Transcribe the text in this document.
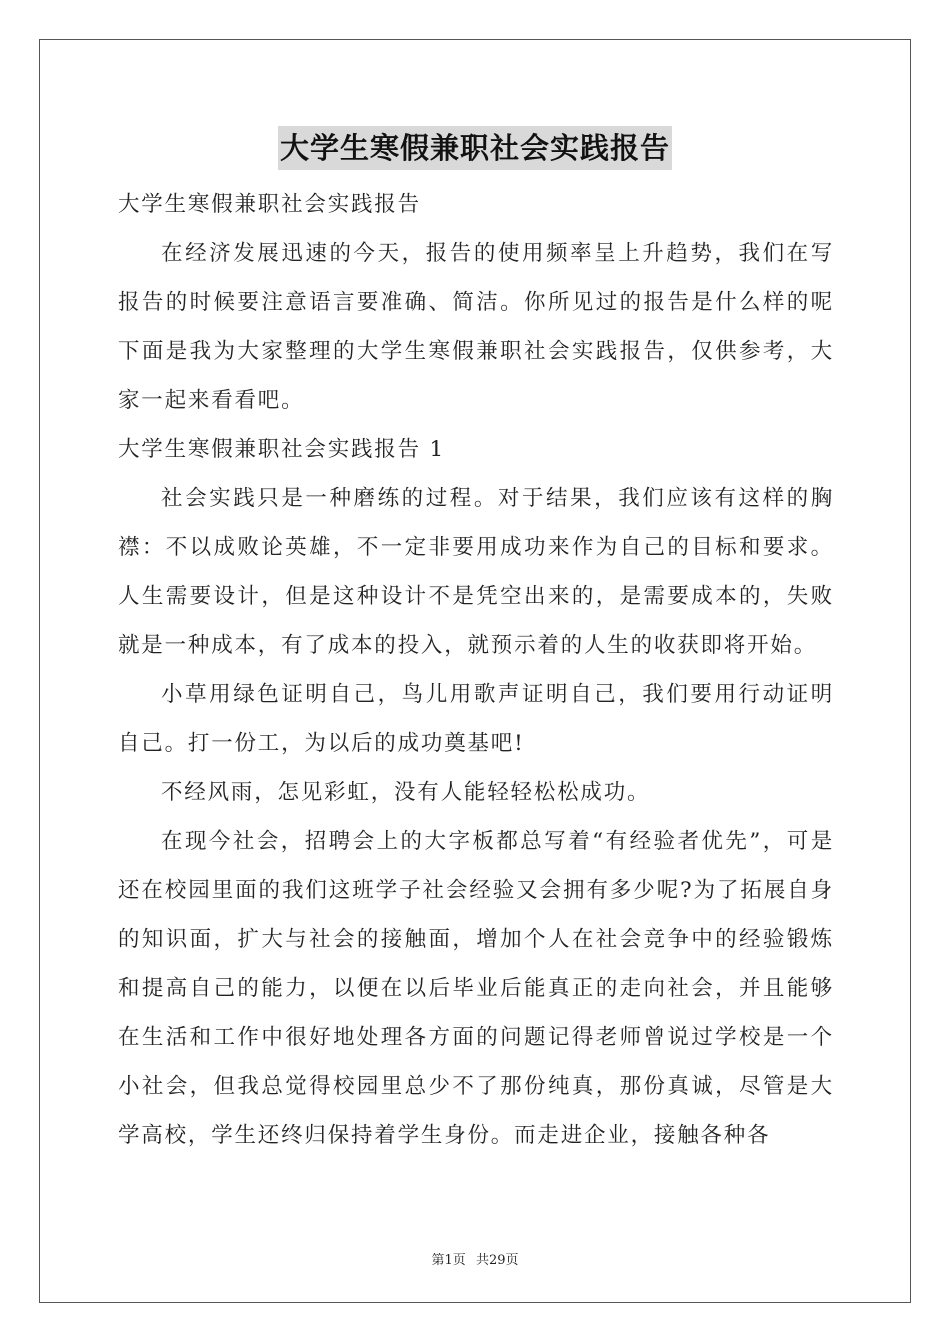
大学生寒假兼职社会实践报告

大学生寒假兼职社会实践报告

在经济发展迅速的今天，报告的使用频率呈上升趋势，我们在写报告的时候要注意语言要准确、简洁。你所见过的报告是什么样的呢下面是我为大家整理的大学生寒假兼职社会实践报告，仅供参考，大家一起来看看吧。

大学生寒假兼职社会实践报告 1

社会实践只是一种磨练的过程。对于结果，我们应该有这样的胸襟：不以成败论英雄，不一定非要用成功来作为自己的目标和要求。人生需要设计，但是这种设计不是凭空出来的，是需要成本的，失败就是一种成本，有了成本的投入，就预示着的人生的收获即将开始。

小草用绿色证明自己，鸟儿用歌声证明自己，我们要用行动证明自己。打一份工，为以后的成功奠基吧!

不经风雨，怎见彩虹，没有人能轻轻松松成功。

在现今社会，招聘会上的大字板都总写着“有经验者优先”，可是还在校园里面的我们这班学子社会经验又会拥有多少呢?为了拓展自身的知识面，扩大与社会的接触面，增加个人在社会竞争中的经验锻炼和提高自己的能力，以便在以后毕业后能真正的走向社会，并且能够在生活和工作中很好地处理各方面的问题记得老师曾说过学校是一个小社会，但我总觉得校园里总少不了那份纯真，那份真诚，尽管是大学高校，学生还终归保持着学生身份。而走进企业，接触各种各

第1页 共29页
